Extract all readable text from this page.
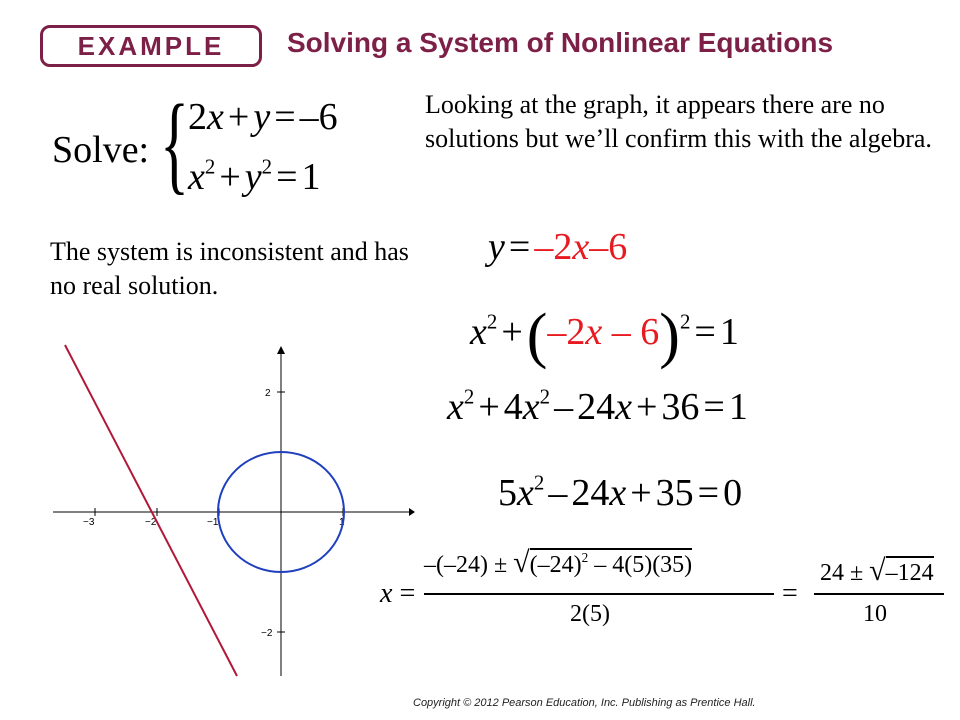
EXAMPLE	Solving a System of Nonlinear Equations
Solve: {
2x + y = –6
$x^2 + y^2 = 1$
Looking at the graph, it appears there are no solutions but we’ll confirm this with the algebra.
The system is inconsistent and has no real solution.
y = –2x–6
$x^2 +(-2x - 6)^2 = 1$
$x^2 + 4x^2 - 24x + 36 = 1$
$5x^2 - 24x + 35 = 0$
x =
$-(-24) \pm √(-24)^2 - 4(5)(35)$
2(5)
=
24 ± √–124
10
−3	−2	−1	1
2
−2
Copyright © 2012 Pearson Education, Inc. Publishing as Prentice Hall.
